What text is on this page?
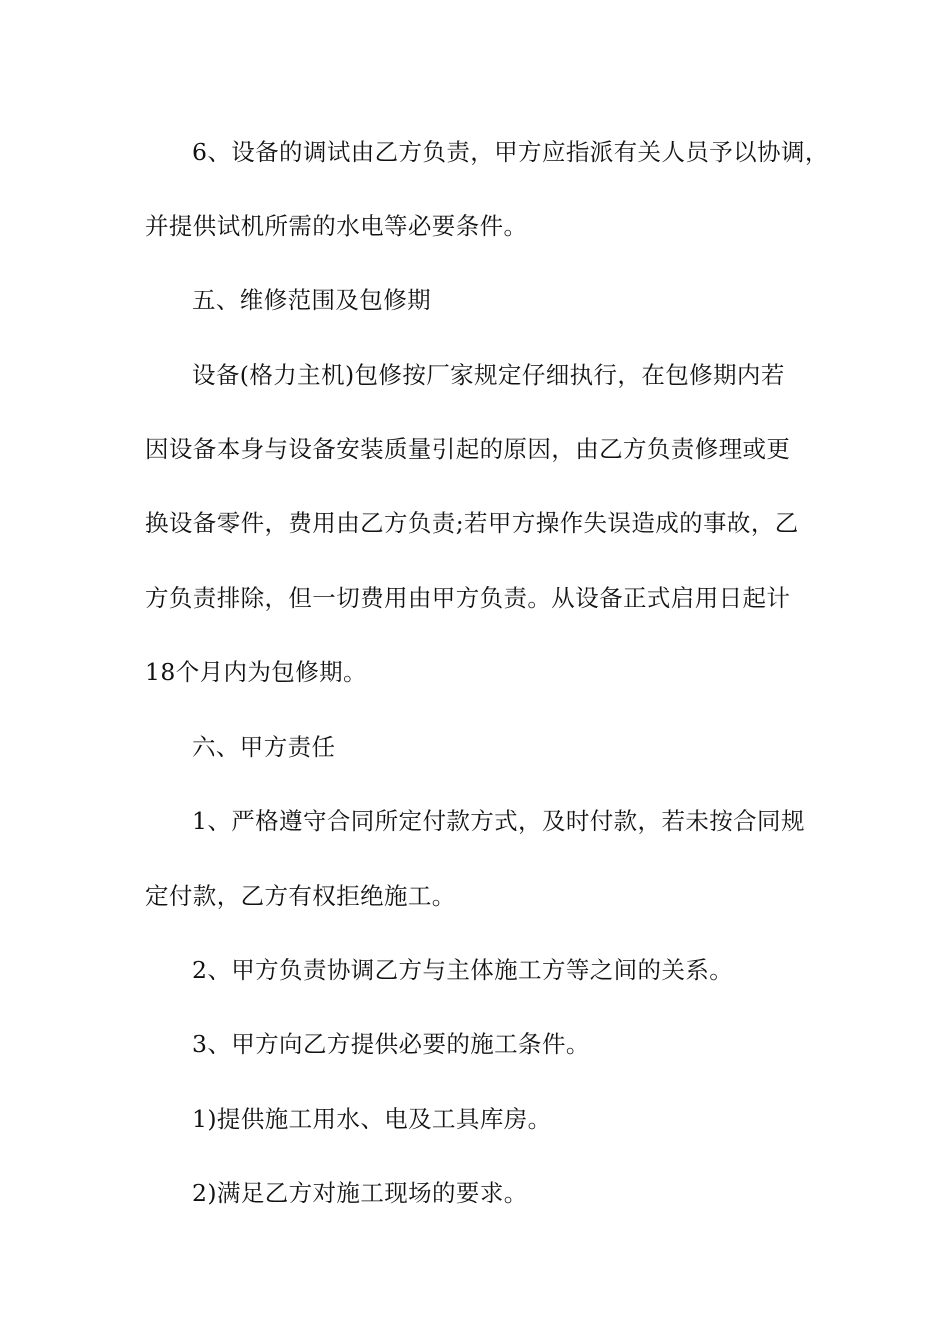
6、设备的调试由乙方负责，甲方应指派有关人员予以协调，
并提供试机所需的水电等必要条件。
五、维修范围及包修期
设备(格力主机)包修按厂家规定仔细执行，在包修期内若
因设备本身与设备安装质量引起的原因，由乙方负责修理或更
换设备零件，费用由乙方负责;若甲方操作失误造成的事故，乙
方负责排除，但一切费用由甲方负责。从设备正式启用日起计
18个月内为包修期。
六、甲方责任
1、严格遵守合同所定付款方式，及时付款，若未按合同规
定付款，乙方有权拒绝施工。
2、甲方负责协调乙方与主体施工方等之间的关系。
3、甲方向乙方提供必要的施工条件。
1)提供施工用水、电及工具库房。
2)满足乙方对施工现场的要求。
